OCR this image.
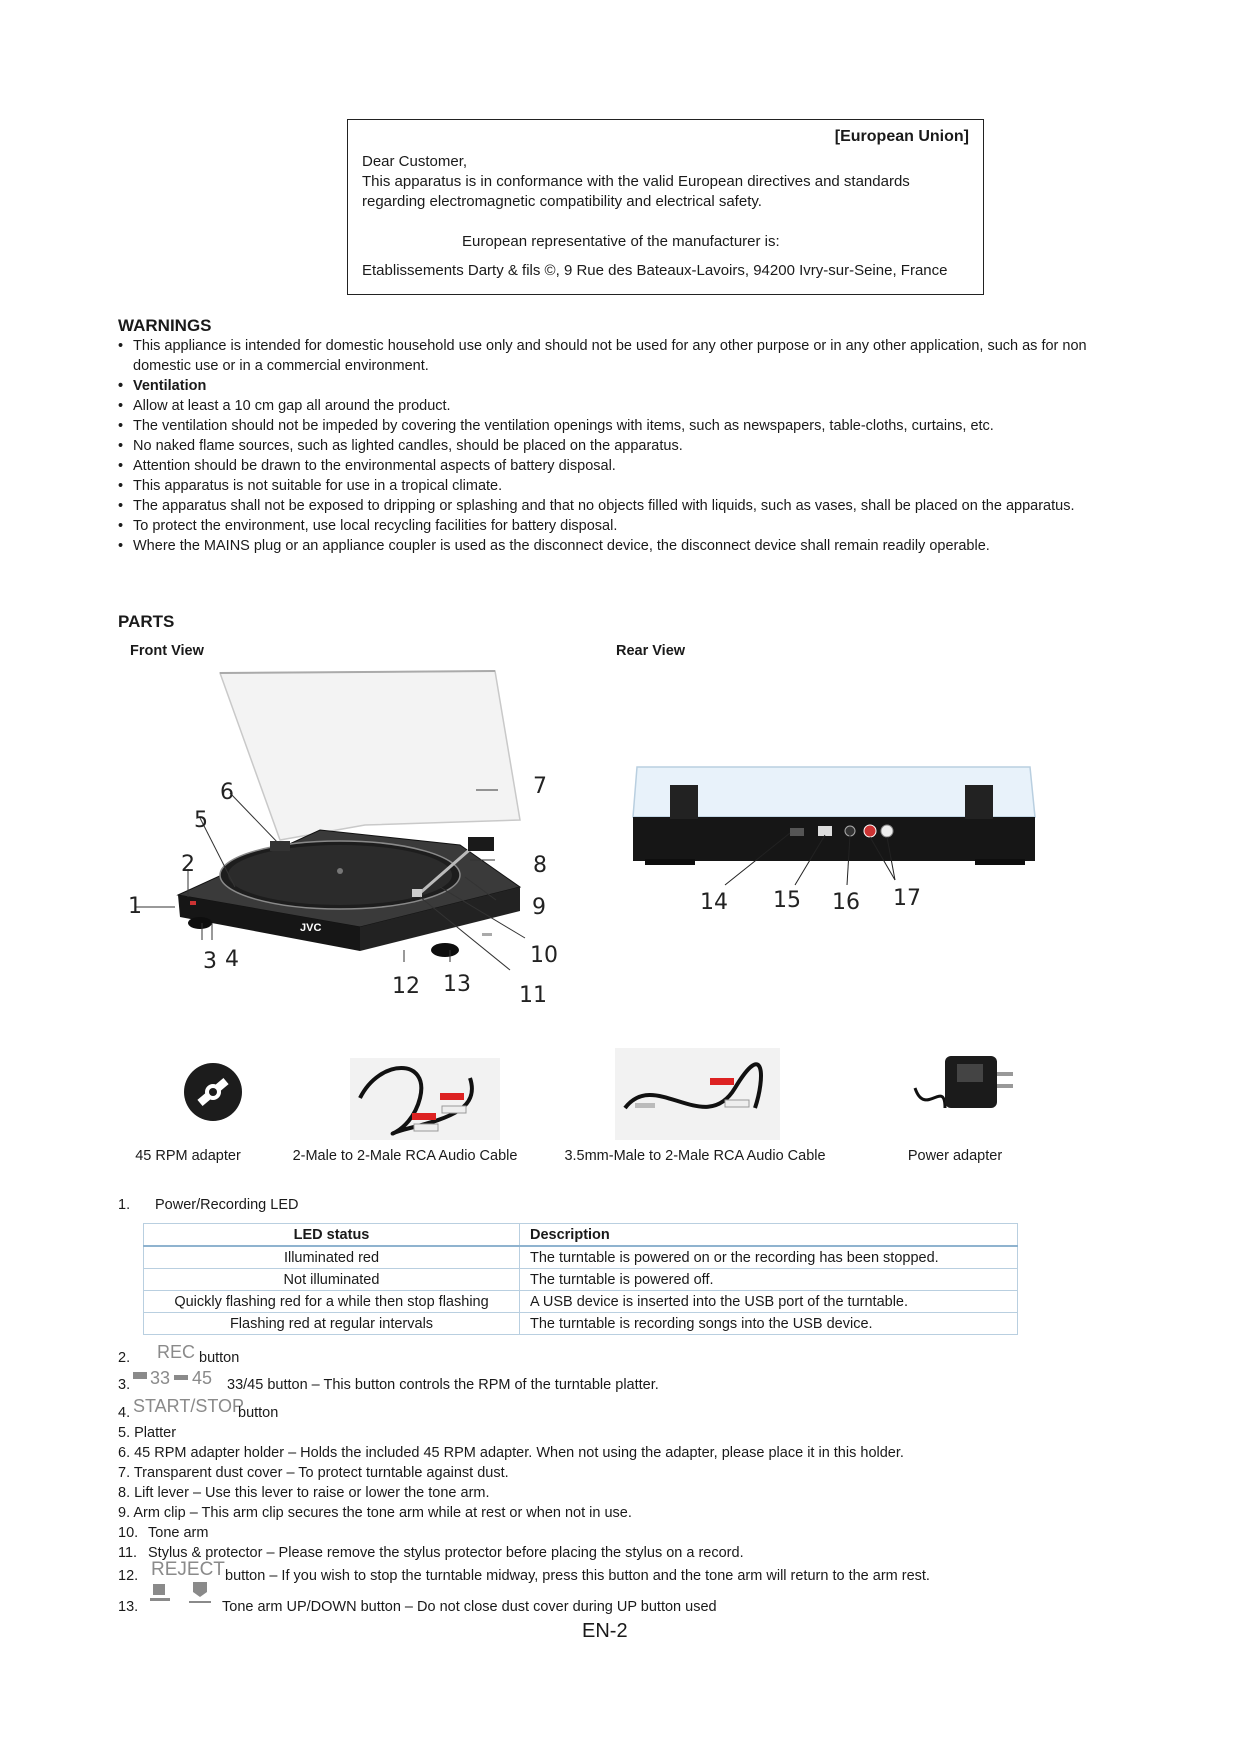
[European Union]
Dear Customer,
This apparatus is in conformance with the valid European directives and standards
regarding electromagnetic compatibility and electrical safety.
European representative of the manufacturer is:
Etablissements Darty & fils ©, 9 Rue des Bateaux-Lavoirs, 94200 Ivry-sur-Seine, France
WARNINGS
• This appliance is intended for domestic household use only and should not be used for any other purpose or in any other application, such as for non domestic use or in a commercial environment.
• Ventilation
• Allow at least a 10 cm gap all around the product.
• The ventilation should not be impeded by covering the ventilation openings with items, such as newspapers, table-cloths, curtains, etc.
• No naked flame sources, such as lighted candles, should be placed on the apparatus.
• Attention should be drawn to the environmental aspects of battery disposal.
• This apparatus is not suitable for use in a tropical climate.
• The apparatus shall not be exposed to dripping or splashing and that no objects filled with liquids, such as vases, shall be placed on the apparatus.
• To protect the environment, use local recycling facilities for battery disposal.
• Where the MAINS plug or an appliance coupler is used as the disconnect device, the disconnect device shall remain readily operable.
PARTS
Front View	Rear View
JVC
1
2
3 4
5
6	7
8
9
10
11
12 13
14 15 16 17
45 RPM adapter	2-Male to 2-Male RCA Audio Cable	3.5mm-Male to 2-Male RCA Audio Cable	Power adapter
1. Power/Recording LED
LED status	Description
Illuminated red	The turntable is powered on or the recording has been stopped.
Not illuminated	The turntable is powered off.
Quickly flashing red for a while then stop flashing	A USB device is inserted into the USB port of the turntable.
Flashing red at regular intervals	The turntable is recording songs into the USB device.
2. REC button
3. 33 45 33/45 button – This button controls the RPM of the turntable platter.
4. START/STOP
button
5. Platter
6. 45 RPM adapter holder – Holds the included 45 RPM adapter. When not using the adapter, please place it in this holder.
7. Transparent dust cover – To protect turntable against dust.
8. Lift lever – Use this lever to raise or lower the tone arm.
9. Arm clip – This arm clip secures the tone arm while at rest or when not in use.
10. Tone arm
11. Stylus & protector – Please remove the stylus protector before placing the stylus on a record.
12. REJECT button – If you wish to stop the turntable midway, press this button and the tone arm will return to the arm rest.
13.	Tone arm UP/DOWN button – Do not close dust cover during UP button used
EN-2
